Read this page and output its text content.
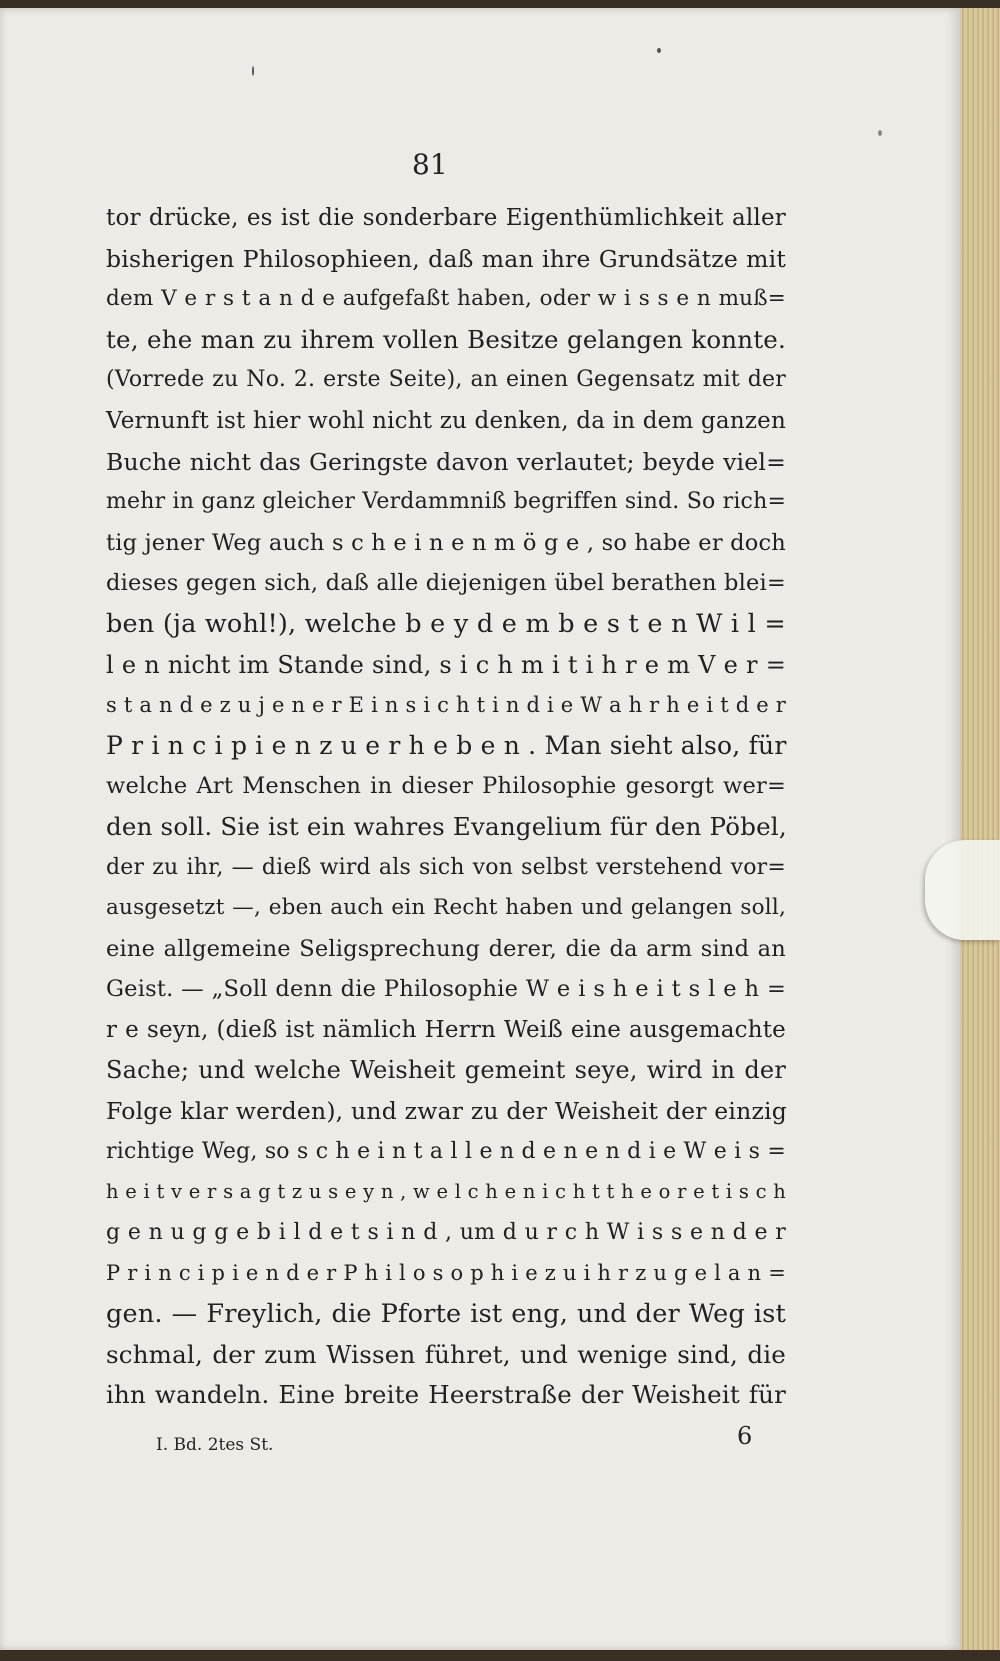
81
tor drücke, es ist die sonderbare Eigenthümlichkeit aller
bisherigen Philosophieen, daß man ihre Grundsätze mit
dem V e r s t a n d e aufgefaßt haben, oder w i s s e n muß=
te, ehe man zu ihrem vollen Besitze gelangen konnte.
(Vorrede zu No. 2. erste Seite), an einen Gegensatz mit der
Vernunft ist hier wohl nicht zu denken, da in dem ganzen
Buche nicht das Geringste davon verlautet; beyde viel=
mehr in ganz gleicher Verdammniß begriffen sind. So rich=
tig jener Weg auch s c h e i n e n m ö g e , so habe er doch
dieses gegen sich, daß alle diejenigen übel berathen blei=
ben (ja wohl!), welche b e y d e m b e s t e n W i l =
l e n nicht im Stande sind, s i c h m i t i h r e m V e r =
s t a n d e z u j e n e r E i n s i c h t i n d i e W a h r h e i t d e r
P r i n c i p i e n z u e r h e b e n . Man sieht also, für
welche Art Menschen in dieser Philosophie gesorgt wer=
den soll. Sie ist ein wahres Evangelium für den Pöbel,
der zu ihr, — dieß wird als sich von selbst verstehend vor=
ausgesetzt —, eben auch ein Recht haben und gelangen soll,
eine allgemeine Seligsprechung derer, die da arm sind an
Geist. — „Soll denn die Philosophie W e i s h e i t s l e h =
r e seyn, (dieß ist nämlich Herrn Weiß eine ausgemachte
Sache; und welche Weisheit gemeint seye, wird in der
Folge klar werden), und zwar zu der Weisheit der einzig
richtige Weg, so s c h e i n t a l l e n d e n e n d i e W e i s =
h e i t v e r s a g t z u s e y n , w e l c h e n i c h t t h e o r e t i s c h
g e n u g g e b i l d e t s i n d , um d u r c h W i s s e n d e r
P r i n c i p i e n d e r P h i l o s o p h i e z u i h r z u g e l a n =
gen. — Freylich, die Pforte ist eng, und der Weg ist
schmal, der zum Wissen führet, und wenige sind, die
ihn wandeln. Eine breite Heerstraße der Weisheit für
I. Bd. 2tes St.	6
